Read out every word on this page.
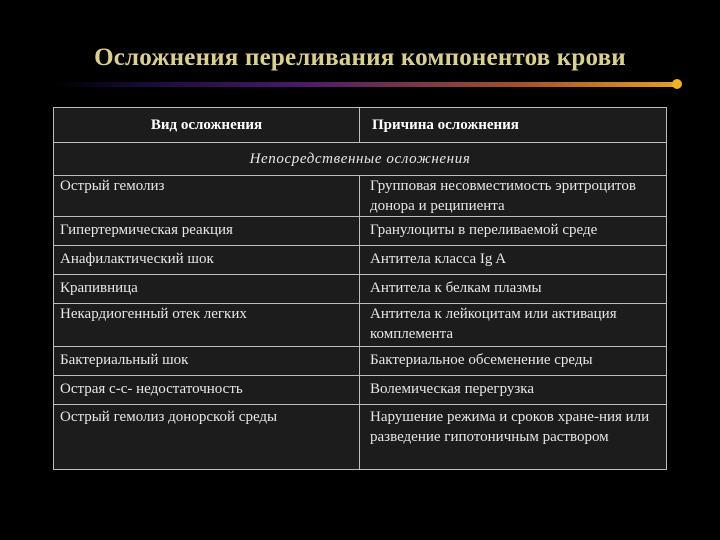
Осложнения переливания компонентов крови
Вид осложнения	Причина осложнения
Непосредственные осложнения	
Острый гемолиз	Групповая несовместимость эритроцитов донора и реципиента
Гипертермическая реакция	Гранулоциты в переливаемой среде
Анафилактический шок	Антитела класса Ig A
Крапивница	Антитела к белкам плазмы
Некардиогенный отек легких	Антитела к лейкоцитам или активация комплемента
Бактериальный шок	Бактериальное обсеменение среды
Острая с-с- недостаточность	Волемическая перегрузка
Острый гемолиз донорской среды	Нарушение режима и сроков хране-ния или разведение гипотоничным раствором
